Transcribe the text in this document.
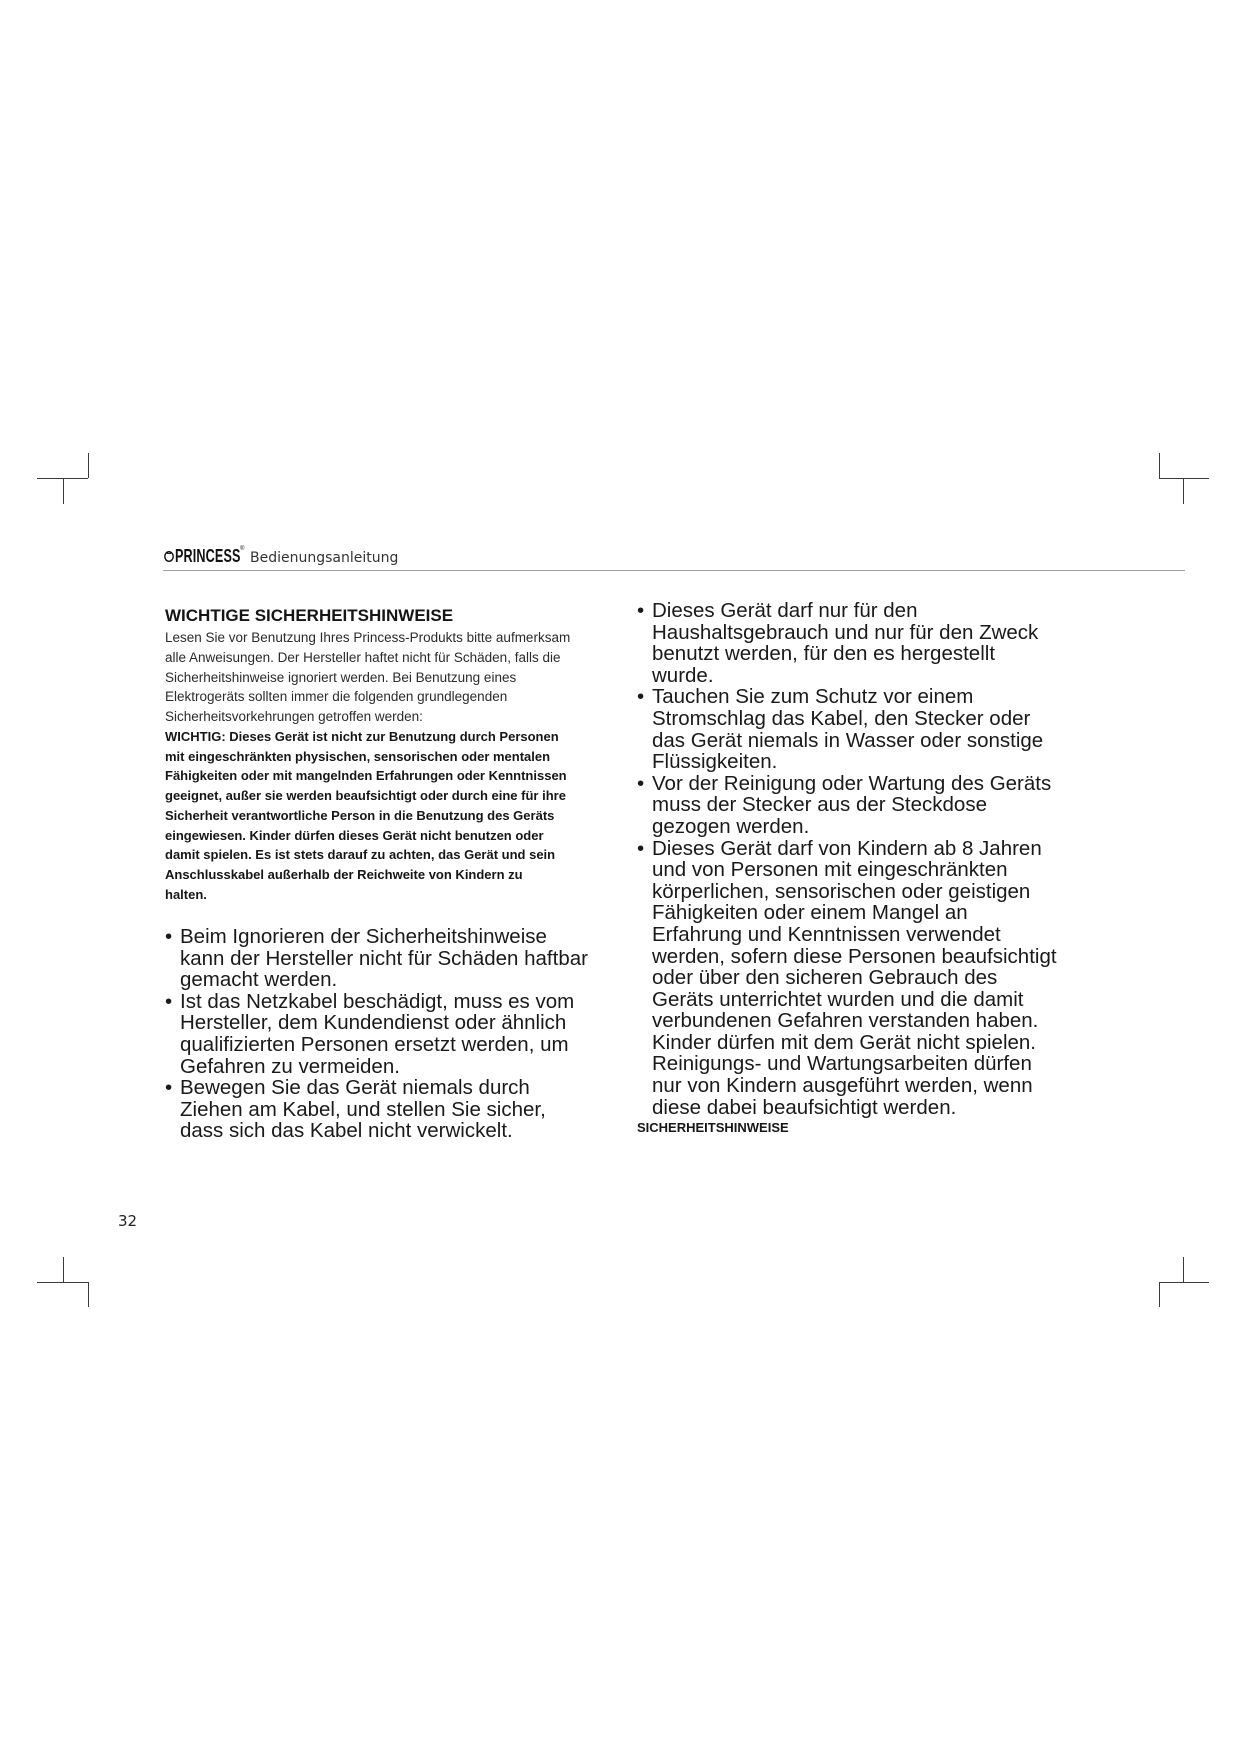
PRINCESS ®
Bedienungsanleitung
WICHTIGE SICHERHEITSHINWEISE
Lesen Sie vor Benutzung Ihres Princess-Produkts bitte aufmerksam
alle Anweisungen. Der Hersteller haftet nicht für Schäden, falls die
Sicherheitshinweise ignoriert werden. Bei Benutzung eines
Elektrogeräts sollten immer die folgenden grundlegenden
Sicherheitsvorkehrungen getroffen werden:
WICHTIG: Dieses Gerät ist nicht zur Benutzung durch Personen
mit eingeschränkten physischen, sensorischen oder mentalen
Fähigkeiten oder mit mangelnden Erfahrungen oder Kenntnissen
geeignet, außer sie werden beaufsichtigt oder durch eine für ihre
Sicherheit verantwortliche Person in die Benutzung des Geräts
eingewiesen. Kinder dürfen dieses Gerät nicht benutzen oder
damit spielen. Es ist stets darauf zu achten, das Gerät und sein
Anschlusskabel außerhalb der Reichweite von Kindern zu
halten.
• Beim Ignorieren der Sicherheitshinweise
kann der Hersteller nicht für Schäden haftbar
gemacht werden.
• Ist das Netzkabel beschädigt, muss es vom
Hersteller, dem Kundendienst oder ähnlich
qualifizierten Personen ersetzt werden, um
Gefahren zu vermeiden.
• Bewegen Sie das Gerät niemals durch
Ziehen am Kabel, und stellen Sie sicher,
dass sich das Kabel nicht verwickelt.
• Dieses Gerät darf nur für den
Haushaltsgebrauch und nur für den Zweck
benutzt werden, für den es hergestellt
wurde.
• Tauchen Sie zum Schutz vor einem
Stromschlag das Kabel, den Stecker oder
das Gerät niemals in Wasser oder sonstige
Flüssigkeiten.
• Vor der Reinigung oder Wartung des Geräts
muss der Stecker aus der Steckdose
gezogen werden.
• Dieses Gerät darf von Kindern ab 8 Jahren
und von Personen mit eingeschränkten
körperlichen, sensorischen oder geistigen
Fähigkeiten oder einem Mangel an
Erfahrung und Kenntnissen verwendet
werden, sofern diese Personen beaufsichtigt
oder über den sicheren Gebrauch des
Geräts unterrichtet wurden und die damit
verbundenen Gefahren verstanden haben.
Kinder dürfen mit dem Gerät nicht spielen.
Reinigungs- und Wartungsarbeiten dürfen
nur von Kindern ausgeführt werden, wenn
diese dabei beaufsichtigt werden.
SICHERHEITSHINWEISE
32
